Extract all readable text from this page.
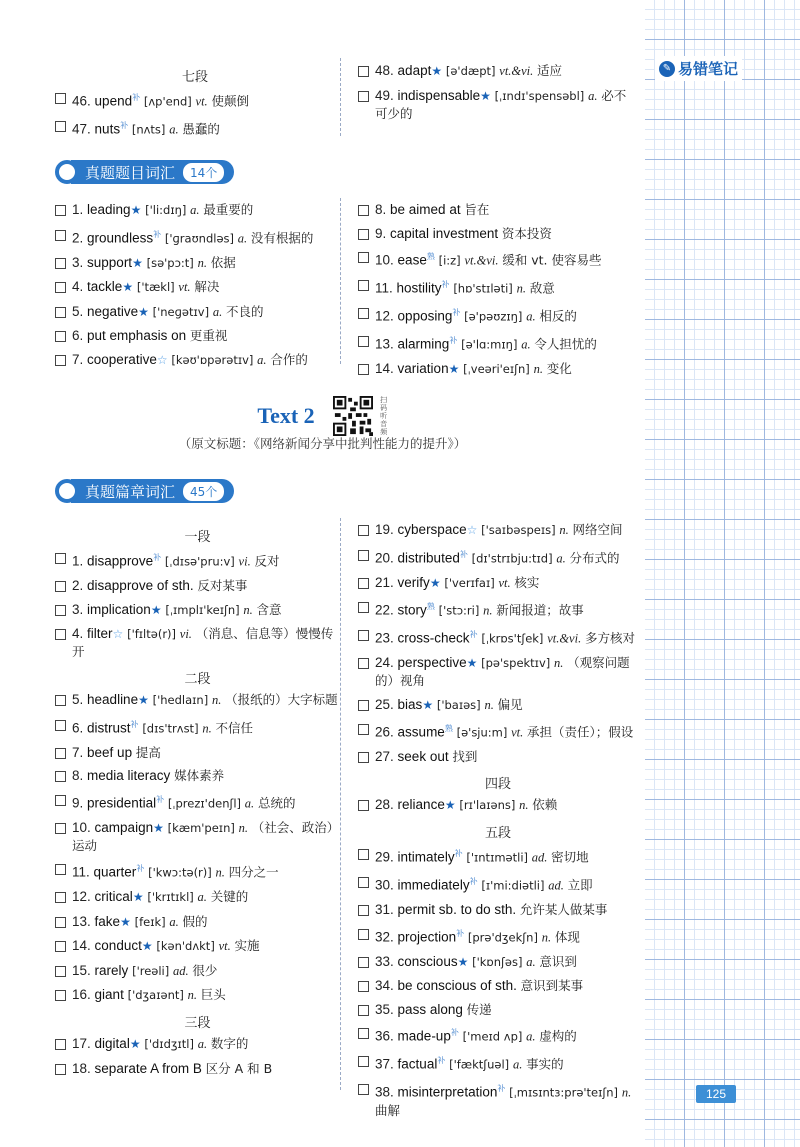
✎ 易错笔记
七段
46. upend$^补$ [ʌp'end] vt. 使颠倒
47. nuts$^补$ [nʌts] a. 愚蠢的
48. adapt★ [ə'dæpt] vt.&vi. 适应
49. indispensable★ [ˌɪndɪ'spensəbl] a. 必不可少的
真题题目词汇	14个
1. leading★ ['li:dɪŋ] a. 最重要的
2. groundless$^补$ ['ɡraʊndləs] a. 没有根据的
3. support★ [sə'pɔ:t] n. 依据
4. tackle★ ['tækl] vt. 解决
5. negative★ ['neɡətɪv] a. 不良的
6. put emphasis on 更重视
7. cooperative☆ [kəʊ'ɒpərətɪv] a. 合作的
8. be aimed at 旨在
9. capital investment 资本投资
10. ease$^熟$ [i:z] vt.&vi. 缓和 vt. 使容易些
11. hostility$^补$ [hɒ'stɪləti] n. 敌意
12. opposing$^补$ [ə'pəʊzɪŋ] a. 相反的
13. alarming$^补$ [ə'lɑ:mɪŋ] a. 令人担忧的
14. variation★ [ˌveəri'eɪʃn] n. 变化
Text 2  扫码听音频
（原文标题：《网络新闻分享中批判性能力的提升》）
真题篇章词汇	45个
一段
1. disapprove$^补$ [ˌdɪsə'pru:v] vi. 反对
2. disapprove of sth. 反对某事
3. implication★ [ˌɪmplɪ'keɪʃn] n. 含意
4. filter☆ ['fɪltə(r)] vi. （消息、信息等）慢慢传开
二段
5. headline★ ['hedlaɪn] n. （报纸的）大字标题
6. distrust$^补$ [dɪs'trʌst] n. 不信任
7. beef up 提高
8. media literacy 媒体素养
9. presidential$^补$ [ˌprezɪ'denʃl] a. 总统的
10. campaign★ [kæm'peɪn] n. （社会、政治）运动
11. quarter$^补$ ['kwɔ:tə(r)] n. 四分之一
12. critical★ ['krɪtɪkl] a. 关键的
13. fake★ [feɪk] a. 假的
14. conduct★ [kən'dʌkt] vt. 实施
15. rarely ['reəli] ad. 很少
16. giant ['dʒaɪənt] n. 巨头
三段
17. digital★ ['dɪdʒɪtl] a. 数字的
18. separate A from B 区分 A 和 B
19. cyberspace☆ ['saɪbəspeɪs] n. 网络空间
20. distributed$^补$ [dɪ'strɪbju:tɪd] a. 分布式的
21. verify★ ['verɪfaɪ] vt. 核实
22. story$^熟$ ['stɔ:ri] n. 新闻报道；故事
23. cross-check$^补$ [ˌkrɒs'tʃek] vt.&vi. 多方核对
24. perspective★ [pə'spektɪv] n. （观察问题的）视角
25. bias★ ['baɪəs] n. 偏见
26. assume$^熟$ [ə'sju:m] vt. 承担（责任）；假设
27. seek out 找到
四段
28. reliance★ [rɪ'laɪəns] n. 依赖
五段
29. intimately$^补$ ['ɪntɪmətli] ad. 密切地
30. immediately$^补$ [ɪ'mi:diətli] ad. 立即
31. permit sb. to do sth. 允许某人做某事
32. projection$^补$ [prə'dʒekʃn] n. 体现
33. conscious★ ['kɒnʃəs] a. 意识到
34. be conscious of sth. 意识到某事
35. pass along 传递
36. made-$up^补$ ['meɪd ʌp] a. 虚构的
37. factual$^补$ ['fæktʃuəl] a. 事实的
38. misinterpretation$^补$ [ˌmɪsɪntɜ:prə'teɪʃn] n. 曲解
125
